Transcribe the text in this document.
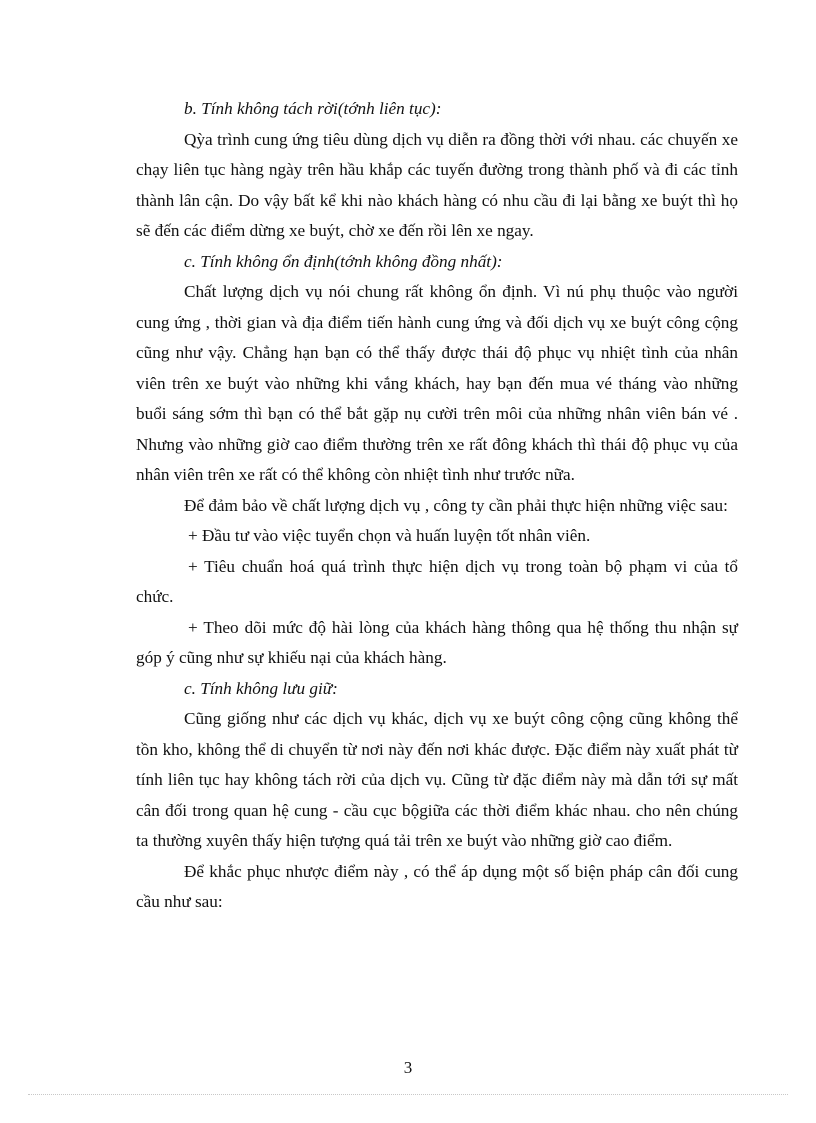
b. Tính không tách rời(tớnh liên tục):

Qỳa trình cung ứng tiêu dùng dịch vụ diễn ra đồng thời với nhau. các chuyến xe chạy liên tục hàng ngày trên hầu khắp các tuyến đường trong thành phố và đi các tỉnh thành lân cận. Do vậy bất kể khi nào khách hàng có nhu cầu đi lại bằng xe buýt thì họ sẽ đến các điểm dừng xe buýt, chờ xe đến rồi lên xe ngay.

c. Tính không ổn định(tớnh không đồng nhất):

Chất lượng dịch vụ nói chung rất không ổn định. Vì nú phụ thuộc vào người cung ứng , thời gian và địa điểm tiến hành cung ứng và đối dịch vụ xe buýt công cộng cũng như vậy. Chẳng hạn bạn có thể thấy được thái độ phục vụ nhiệt tình của nhân viên trên xe buýt vào những khi vắng khách, hay bạn đến mua vé tháng vào những buổi sáng sớm thì bạn có thể bắt gặp nụ cười trên môi của những nhân viên bán vé . Nhưng vào những giờ cao điểm thường trên xe rất đông khách thì thái độ phục vụ của nhân viên trên xe rất có thể không còn nhiệt tình như trước nữa.

Để đảm bảo về chất lượng dịch vụ , công ty cần phải thực hiện những việc sau:

+ Đầu tư vào việc tuyển chọn và huấn luyện tốt nhân viên.

+ Tiêu chuẩn hoá quá trình thực hiện dịch vụ trong toàn bộ phạm vi của tổ chức.

+ Theo dõi mức độ hài lòng của khách hàng thông qua hệ thống thu nhận sự góp ý cũng như sự khiếu nại của khách hàng.

c. Tính không lưu giữ:

Cũng giống như các dịch vụ khác, dịch vụ xe buýt công cộng cũng không thể tồn kho, không thể di chuyển từ nơi này đến nơi khác được. Đặc điểm này xuất phát từ tính liên tục hay không tách rời của dịch vụ. Cũng từ đặc điểm này mà dẫn tới sự mất cân đối trong quan hệ cung - cầu cục bộgiữa các thời điểm khác nhau. cho nên chúng ta thường xuyên thấy hiện tượng quá tải trên xe buýt vào những giờ cao điểm.

Để khắc phục nhược điểm này , có thể áp dụng một số biện pháp cân đối cung cầu như sau:

3
